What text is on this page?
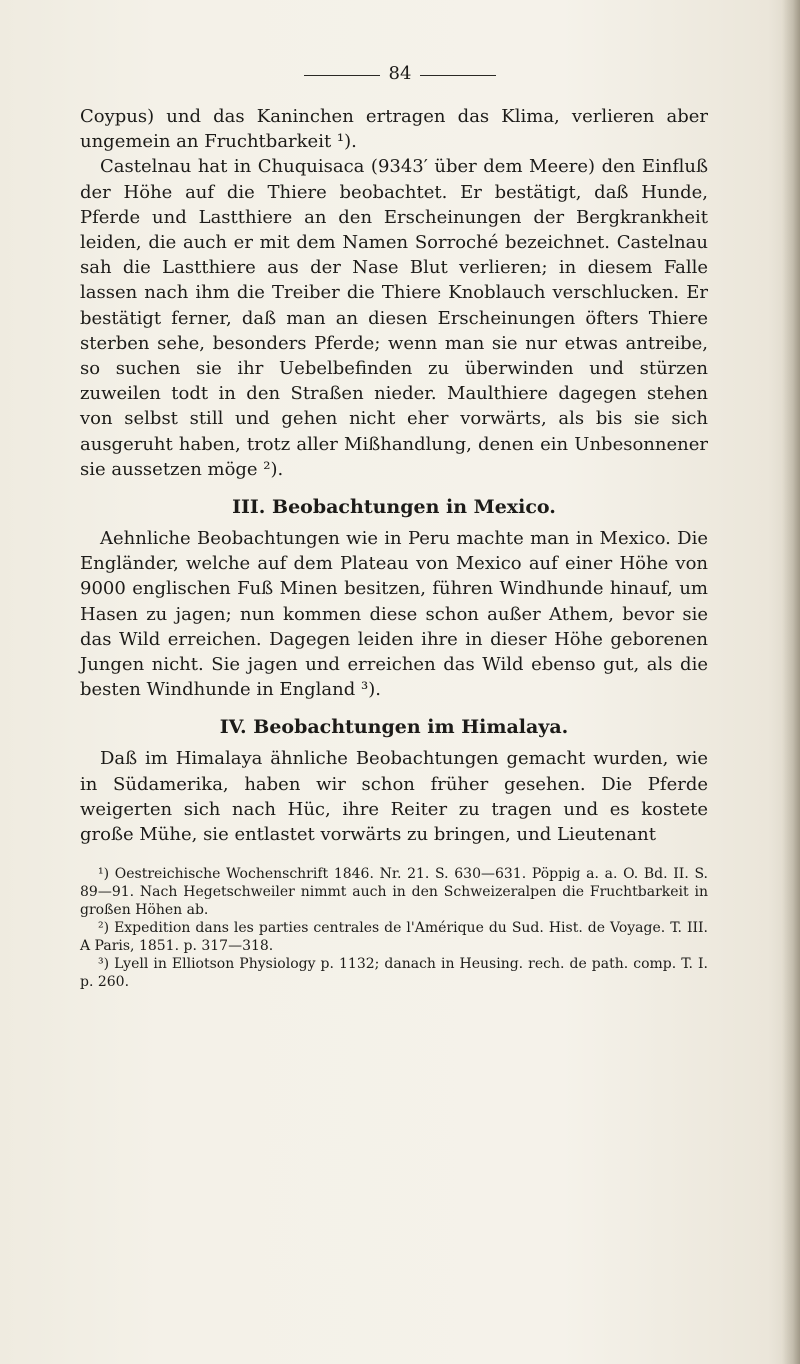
84

Coypus) und das Kaninchen ertragen das Klima, verlieren aber ungemein an Fruchtbarkeit ¹).

Castelnau hat in Chuquisaca (9343′ über dem Meere) den Einfluß der Höhe auf die Thiere beobachtet. Er bestätigt, daß Hunde, Pferde und Lastthiere an den Erscheinungen der Bergkrankheit leiden, die auch er mit dem Namen Sorroché bezeichnet. Castelnau sah die Lastthiere aus der Nase Blut verlieren; in diesem Falle lassen nach ihm die Treiber die Thiere Knoblauch verschlucken. Er bestätigt ferner, daß man an diesen Erscheinungen öfters Thiere sterben sehe, besonders Pferde; wenn man sie nur etwas antreibe, so suchen sie ihr Uebelbefinden zu überwinden und stürzen zuweilen todt in den Straßen nieder. Maulthiere dagegen stehen von selbst still und gehen nicht eher vorwärts, als bis sie sich ausgeruht haben, trotz aller Mißhandlung, denen ein Unbesonnener sie aussetzen möge ²).

III. Beobachtungen in Mexico.

Aehnliche Beobachtungen wie in Peru machte man in Mexico. Die Engländer, welche auf dem Plateau von Mexico auf einer Höhe von 9000 englischen Fuß Minen besitzen, führen Windhunde hinauf, um Hasen zu jagen; nun kommen diese schon außer Athem, bevor sie das Wild erreichen. Dagegen leiden ihre in dieser Höhe geborenen Jungen nicht. Sie jagen und erreichen das Wild ebenso gut, als die besten Windhunde in England ³).

IV. Beobachtungen im Himalaya.

Daß im Himalaya ähnliche Beobachtungen gemacht wurden, wie in Südamerika, haben wir schon früher gesehen. Die Pferde weigerten sich nach Hüc, ihre Reiter zu tragen und es kostete große Mühe, sie entlastet vorwärts zu bringen, und Lieutenant

¹) Oestreichische Wochenschrift 1846. Nr. 21. S. 630—631. Pöppig a. a. O. Bd. II. S. 89—91. Nach Hegetschweiler nimmt auch in den Schweizeralpen die Fruchtbarkeit in großen Höhen ab.

²) Expedition dans les parties centrales de l'Amérique du Sud. Hist. de Voyage. T. III. A Paris, 1851. p. 317—318.

³) Lyell in Elliotson Physiology p. 1132; danach in Heusing. rech. de path. comp. T. I. p. 260.
